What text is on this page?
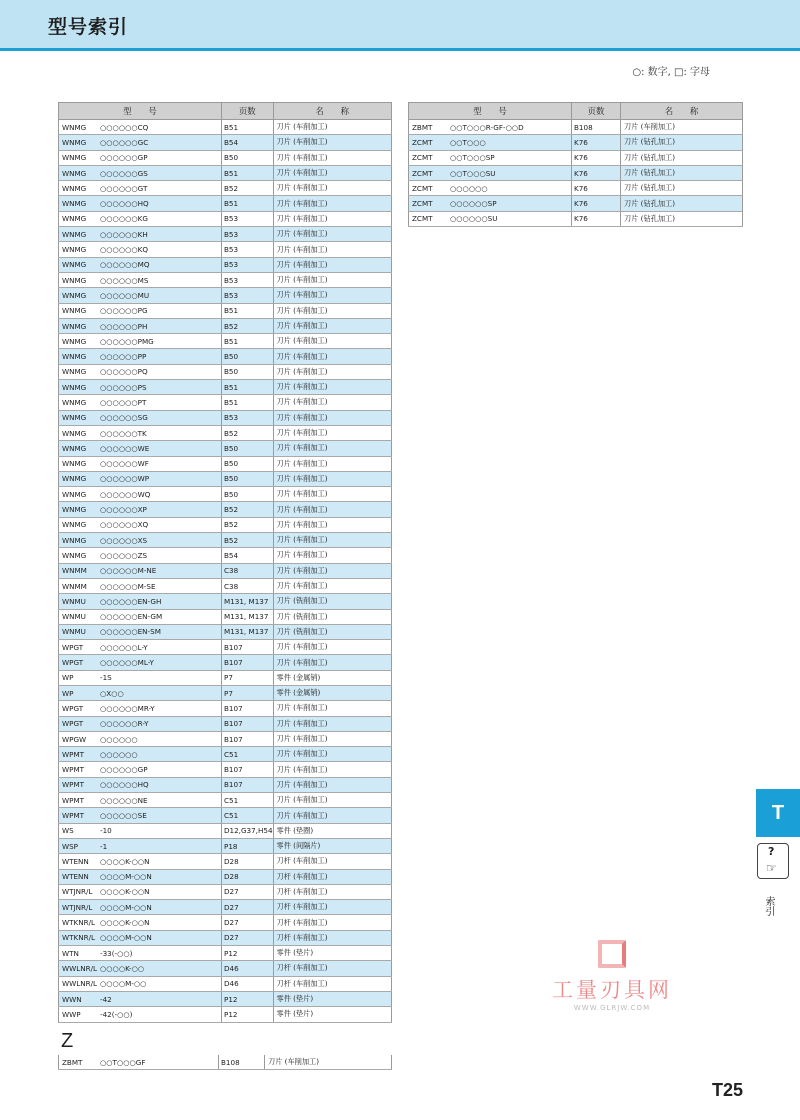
型号索引
○: 数字, □: 字母
型　　号	页数	名　　称
WNMG ○○○○○○CQ	B51	刀片 (车削加工)
WNMG ○○○○○○GC	B54	刀片 (车削加工)
WNMG ○○○○○○GP	B50	刀片 (车削加工)
WNMG ○○○○○○GS	B51	刀片 (车削加工)
WNMG ○○○○○○GT	B52	刀片 (车削加工)
WNMG ○○○○○○HQ	B51	刀片 (车削加工)
WNMG ○○○○○○KG	B53	刀片 (车削加工)
WNMG ○○○○○○KH	B53	刀片 (车削加工)
WNMG ○○○○○○KQ	B53	刀片 (车削加工)
WNMG ○○○○○○MQ	B53	刀片 (车削加工)
WNMG ○○○○○○MS	B53	刀片 (车削加工)
WNMG ○○○○○○MU	B53	刀片 (车削加工)
WNMG ○○○○○○PG	B51	刀片 (车削加工)
WNMG ○○○○○○PH	B52	刀片 (车削加工)
WNMG ○○○○○○PMG	B51	刀片 (车削加工)
WNMG ○○○○○○PP	B50	刀片 (车削加工)
WNMG ○○○○○○PQ	B50	刀片 (车削加工)
WNMG ○○○○○○PS	B51	刀片 (车削加工)
WNMG ○○○○○○PT	B51	刀片 (车削加工)
WNMG ○○○○○○SG	B53	刀片 (车削加工)
WNMG ○○○○○○TK	B52	刀片 (车削加工)
WNMG ○○○○○○WE	B50	刀片 (车削加工)
WNMG ○○○○○○WF	B50	刀片 (车削加工)
WNMG ○○○○○○WP	B50	刀片 (车削加工)
WNMG ○○○○○○WQ	B50	刀片 (车削加工)
WNMG ○○○○○○XP	B52	刀片 (车削加工)
WNMG ○○○○○○XQ	B52	刀片 (车削加工)
WNMG ○○○○○○XS	B52	刀片 (车削加工)
WNMG ○○○○○○ZS	B54	刀片 (车削加工)
WNMM ○○○○○○M-NE	C38	刀片 (车削加工)
WNMM ○○○○○○M-SE	C38	刀片 (车削加工)
WNMU ○○○○○○EN-GH	M131, M137	刀片 (铣削加工)
WNMU ○○○○○○EN-GM	M131, M137	刀片 (铣削加工)
WNMU ○○○○○○EN-SM	M131, M137	刀片 (铣削加工)
WPGT ○○○○○○L-Y	B107	刀片 (车削加工)
WPGT ○○○○○○ML-Y	B107	刀片 (车削加工)
WP -1S	P7	零件 (金属销)
WP ○X○○	P7	零件 (金属销)
WPGT ○○○○○○MR-Y	B107	刀片 (车削加工)
WPGT ○○○○○○R-Y	B107	刀片 (车削加工)
WPGW ○○○○○○	B107	刀片 (车削加工)
WPMT ○○○○○○	C51	刀片 (车削加工)
WPMT ○○○○○○GP	B107	刀片 (车削加工)
WPMT ○○○○○○HQ	B107	刀片 (车削加工)
WPMT ○○○○○○NE	C51	刀片 (车削加工)
WPMT ○○○○○○SE	C51	刀片 (车削加工)
WS -10	D12,G37,H54	零件 (垫圈)
WSP -1	P18	零件 (间隔片)
WTENN ○○○○K-○○N	D28	刀杆 (车削加工)
WTENN ○○○○M-○○N	D28	刀杆 (车削加工)
WTJNR/L ○○○○K-○○N	D27	刀杆 (车削加工)
WTJNR/L ○○○○M-○○N	D27	刀杆 (车削加工)
WTKNR/L ○○○○K-○○N	D27	刀杆 (车削加工)
WTKNR/L ○○○○M-○○N	D27	刀杆 (车削加工)
WTN -33(-○○)	P12	零件 (垫片)
WWLNR/L ○○○○K-○○	D46	刀杆 (车削加工)
WWLNR/L ○○○○M-○○	D46	刀杆 (车削加工)
WWN -42	P12	零件 (垫片)
WWP -42(-○○)	P12	零件 (垫片)
Z
ZBMT ○○T○○○GF	B108	刀片 (车削加工)
型　　号	页数	名　　称
ZBMT ○○T○○○R-GF-○○D	B108	刀片 (车削加工)
ZCMT ○○T○○○	K76	刀片 (钻孔加工)
ZCMT ○○T○○○SP	K76	刀片 (钻孔加工)
ZCMT ○○T○○○SU	K76	刀片 (钻孔加工)
ZCMT ○○○○○○	K76	刀片 (钻孔加工)
ZCMT ○○○○○○SP	K76	刀片 (钻孔加工)
ZCMT ○○○○○○SU	K76	刀片 (钻孔加工)
T
?
☞
索引
工量刃具网
WWW.GLRJW.COM
T25
